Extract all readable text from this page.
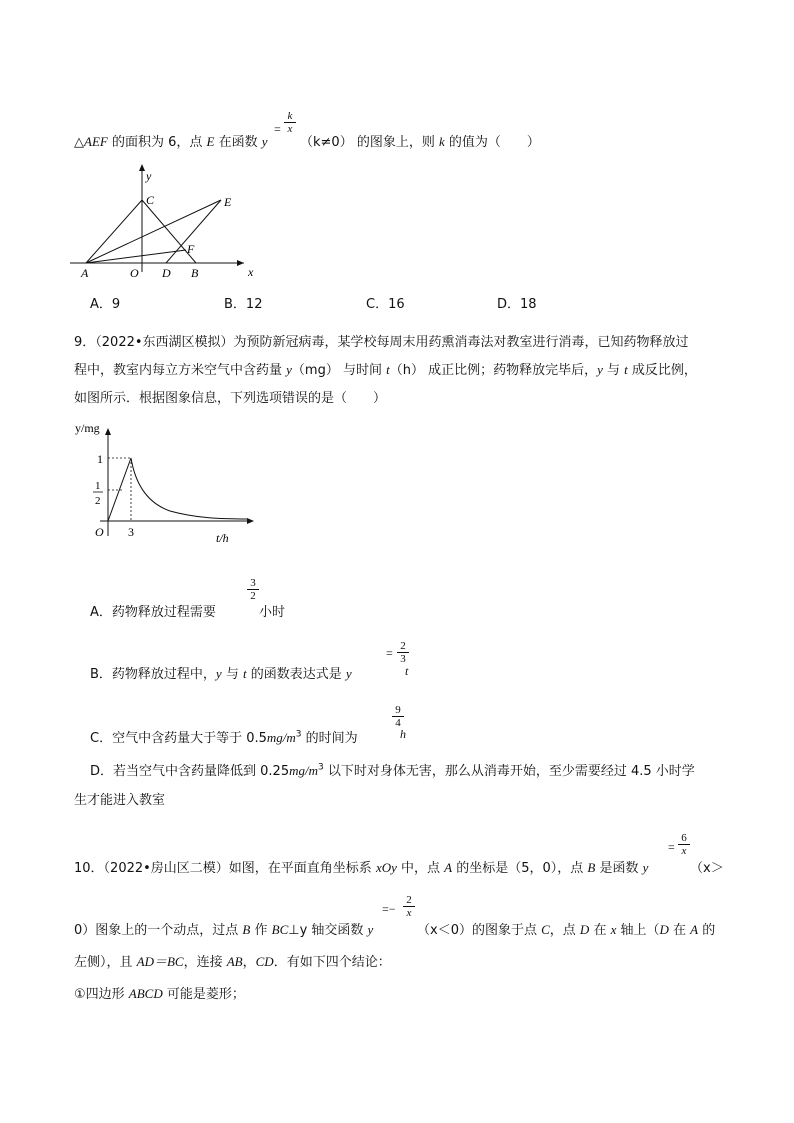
△AEF 的面积为 6，点 E 在函数 y
=
k
x
（k≠0） 的图象上，则 k 的值为（　　）
y
x
C	E
F
A	O D B
A．9	B．12	C．16	D．18
9．（2022•东西湖区模拟）为预防新冠病毒，某学校每周末用药熏消毒法对教室进行消毒，已知药物释放过
程中，教室内每立方米空气中含药量 y（mg） 与时间 t（h） 成正比例；药物释放完毕后，y 与 t 成反比例，
如图所示．根据图象信息，下列选项错误的是（　　）
y/mg
1
1
2
O 3	t/h
A．药物释放过程需要
3
2
小时
B．药物释放过程中，y 与 t 的函数表达式是 y
= 2
3
t
C．空气中含药量大于等于 $0.5mg/m^3$ 的时间为
9
4
h
D．若当空气中含药量降低到 $0.25mg/m^3$ 以下时对身体无害，那么从消毒开始，至少需要经过 4.5 小时学
生才能进入教室
10．（2022•房山区二模）如图，在平面直角坐标系 xOy 中，点 A 的坐标是（5，0），点 B 是函数 y
=
6
x
（x＞
0）图象上的一个动点，过点 B 作 BC⊥y 轴交函数 y
=−
2
x
（x＜0）的图象于点 C，点 D 在 x 轴上（D 在 A 的
左侧），且 AD＝BC，连接 AB，CD．有如下四个结论：
①四边形 ABCD 可能是菱形；
